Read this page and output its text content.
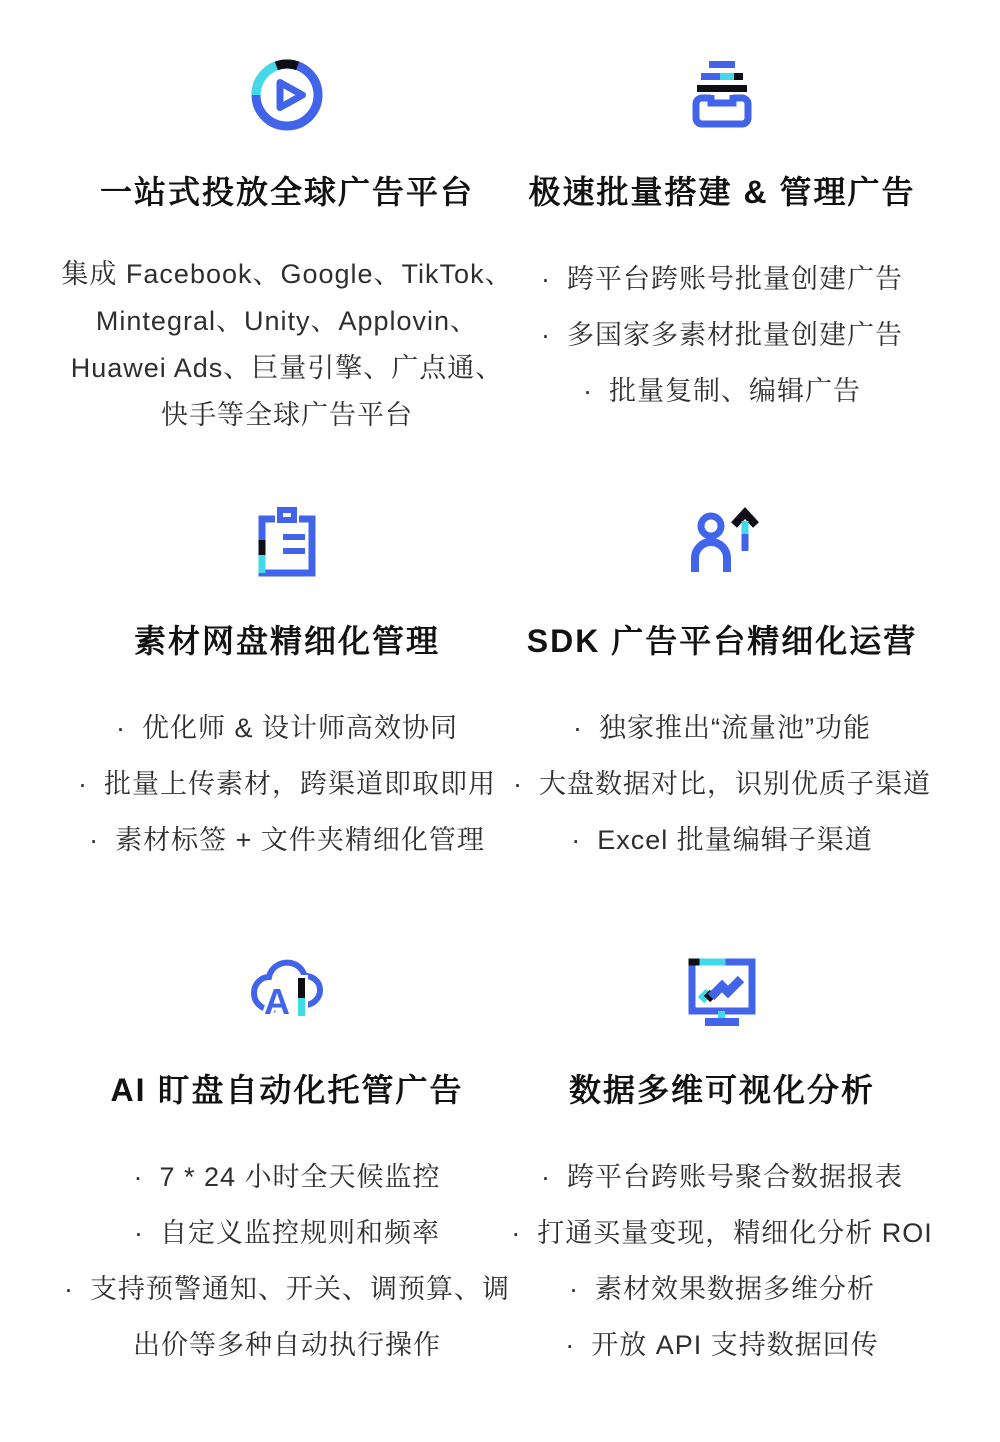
一站式投放全球广告平台

集成 Facebook、Google、TikTok、Mintegral、Unity、Applovin、Huawei Ads、巨量引擎、广点通、快手等全球广告平台

极速批量搭建 & 管理广告
· 跨平台跨账号批量创建广告
· 多国家多素材批量创建广告
· 批量复制、编辑广告
素材网盘精细化管理
· 优化师 & 设计师高效协同
· 批量上传素材，跨渠道即取即用
· 素材标签 + 文件夹精细化管理
SDK 广告平台精细化运营
· 独家推出“流量池”功能
· 大盘数据对比，识别优质子渠道
· Excel 批量编辑子渠道
A
AI 盯盘自动化托管广告
· 7 * 24 小时全天候监控
· 自定义监控规则和频率
· 支持预警通知、开关、调预算、调出价等多种自动执行操作
数据多维可视化分析
· 跨平台跨账号聚合数据报表
· 打通买量变现，精细化分析 ROI
· 素材效果数据多维分析
· 开放 API 支持数据回传
